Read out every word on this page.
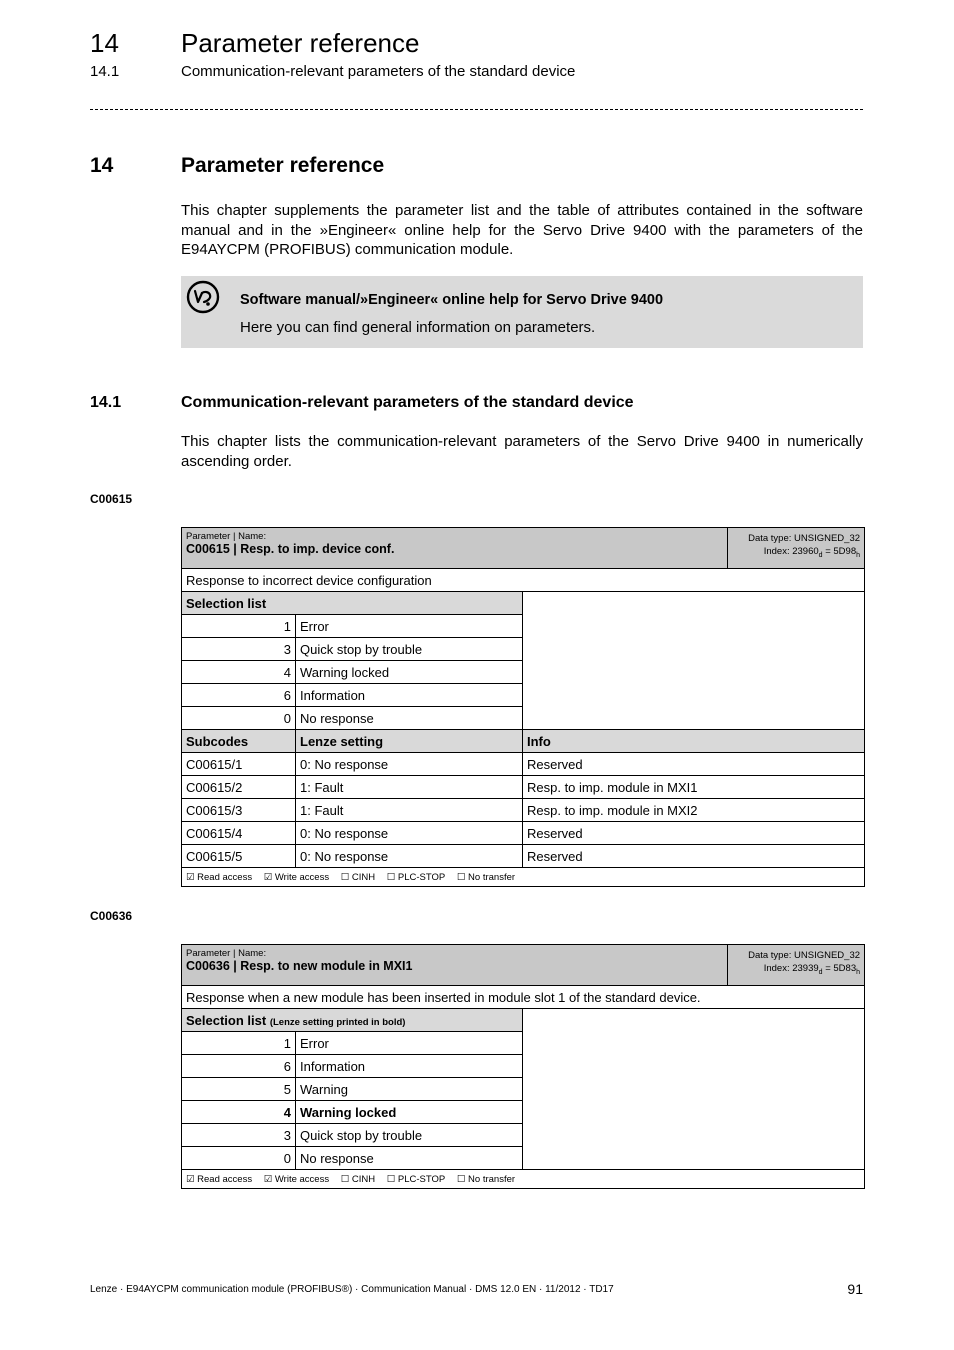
14 Parameter reference
14.1	Communication-relevant parameters of the standard device
14	Parameter reference
This chapter supplements the parameter list and the table of attributes contained in the software manual and in the »Engineer« online help for the Servo Drive 9400 with the parameters of the E94AYCPM (PROFIBUS) communication module.
Software manual/»Engineer« online help for Servo Drive 9400
Here you can find general information on parameters.
14.1	Communication-relevant parameters of the standard device
This chapter lists the communication-relevant parameters of the Servo Drive 9400 in numerically ascending order.
C00615
Parameter | Name:
C00615 | Resp. to imp. device conf.
Data type: UNSIGNED_32
Index: $23960_d = 5D98_h$

Response to incorrect device configuration		
Selection list		
1	Error	
3	Quick stop by trouble	
4	Warning locked	
6	Information	
0	No response	
Subcodes	Lenze setting	Info
C00615/1	0: No response	Reserved
C00615/2	1: Fault	Resp. to imp. module in MXI1
C00615/3	1: Fault	Resp. to imp. module in MXI2
C00615/4	0: No response	Reserved
C00615/5	0: No response	Reserved
☑ Read access ☑ Write access ☐ CINH ☐ PLC-STOP ☐ No transfer		
C00636
Parameter | Name:
C00636 | Resp. to new module in MXI1
Data type: UNSIGNED_32
Index: $23939_d = 5D83_h$

Response when a new module has been inserted in module slot 1 of the standard device.		
Selection list (Lenze setting printed in bold)		
1	Error	
6	Information	
5	Warning	
4	Warning locked	
3	Quick stop by trouble	
0	No response	
☑ Read access ☑ Write access ☐ CINH ☐ PLC-STOP ☐ No transfer		
Lenze · E94AYCPM communication module (PROFIBUS®) · Communication Manual · DMS 12.0 EN · 11/2012 · TD17	91
